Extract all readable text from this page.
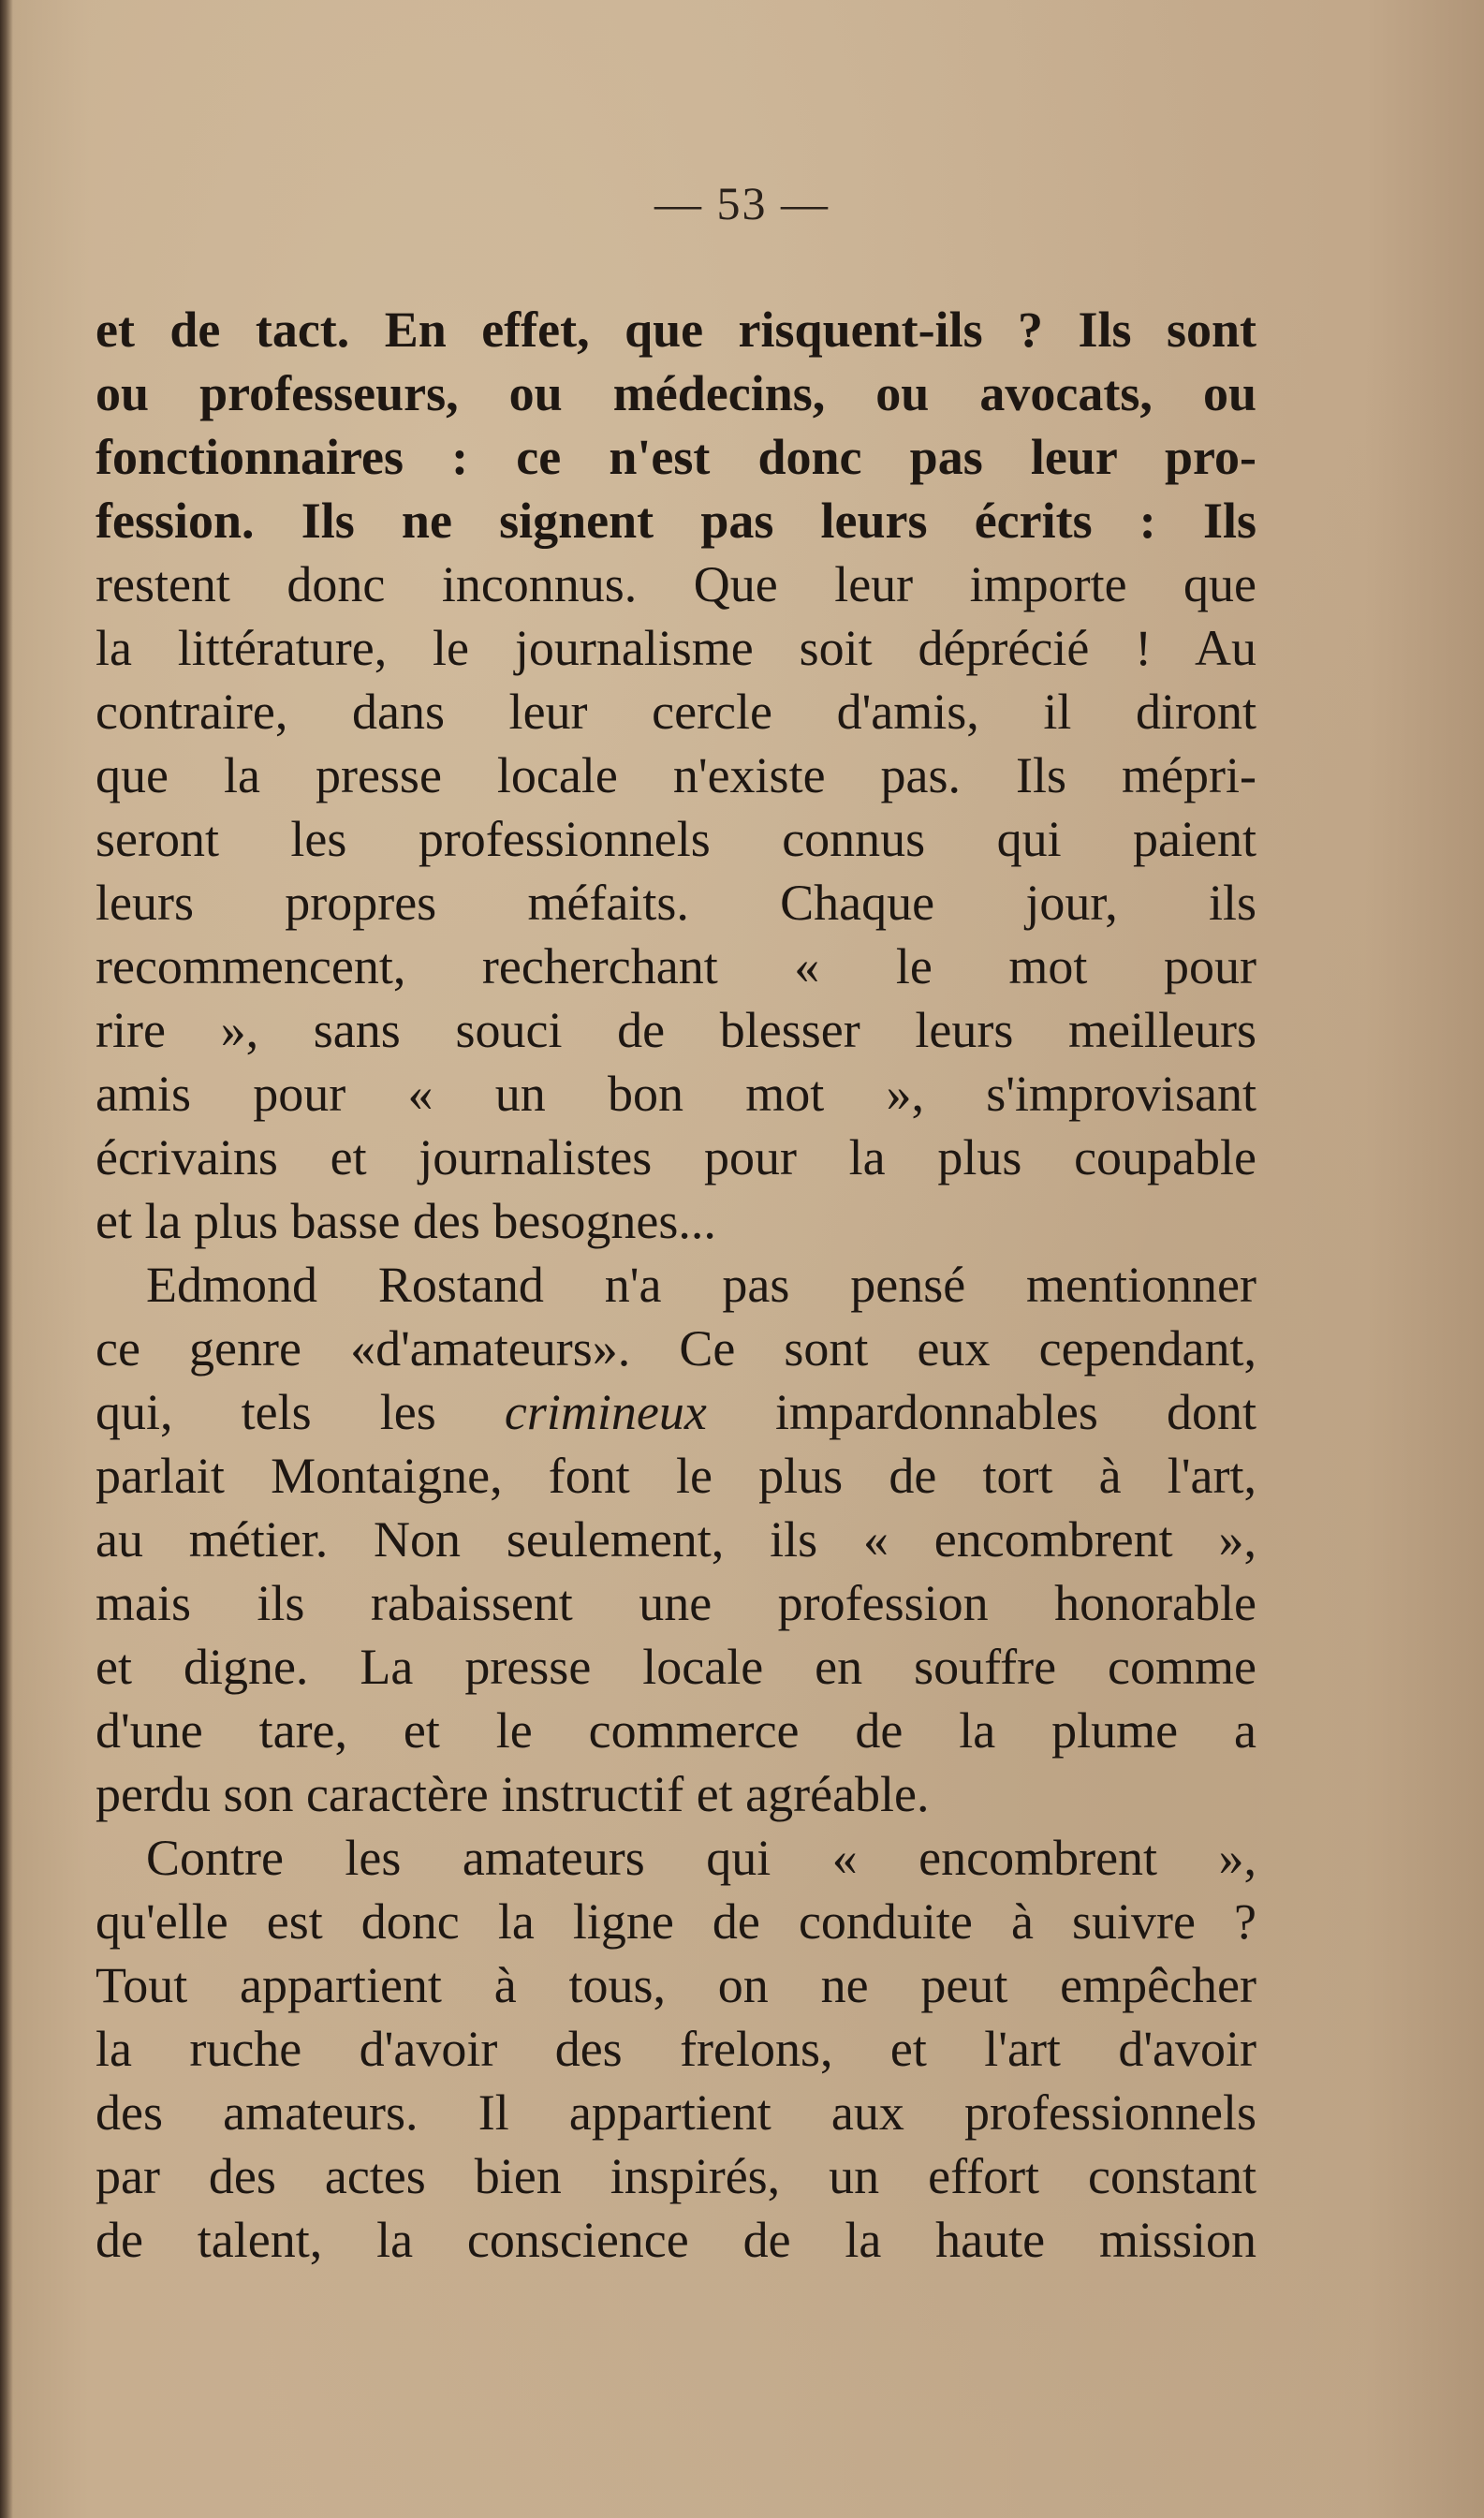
— 53 —
et de tact. En effet, que risquent-ils ? Ils sont
ou professeurs, ou médecins, ou avocats, ou
fonctionnaires : ce n'est donc pas leur pro-
fession. Ils ne signent pas leurs écrits : Ils
restent donc inconnus. Que leur importe que
la littérature, le journalisme soit déprécié ! Au
contraire, dans leur cercle d'amis, il diront
que la presse locale n'existe pas. Ils mépri-
seront les professionnels connus qui paient
leurs propres méfaits. Chaque jour, ils
recommencent, recherchant « le mot pour
rire », sans souci de blesser leurs meilleurs
amis pour « un bon mot », s'improvisant
écrivains et journalistes pour la plus coupable
et la plus basse des besognes...
Edmond Rostand n'a pas pensé mentionner
ce genre «d'amateurs». Ce sont eux cependant,
qui, tels les crimineux impardonnables dont
parlait Montaigne, font le plus de tort à l'art,
au métier. Non seulement, ils « encombrent »,
mais ils rabaissent une profession honorable
et digne. La presse locale en souffre comme
d'une tare, et le commerce de la plume a
perdu son caractère instructif et agréable.
Contre les amateurs qui « encombrent »,
qu'elle est donc la ligne de conduite à suivre ?
Tout appartient à tous, on ne peut empêcher
la ruche d'avoir des frelons, et l'art d'avoir
des amateurs. Il appartient aux professionnels
par des actes bien inspirés, un effort constant
de talent, la conscience de la haute mission
